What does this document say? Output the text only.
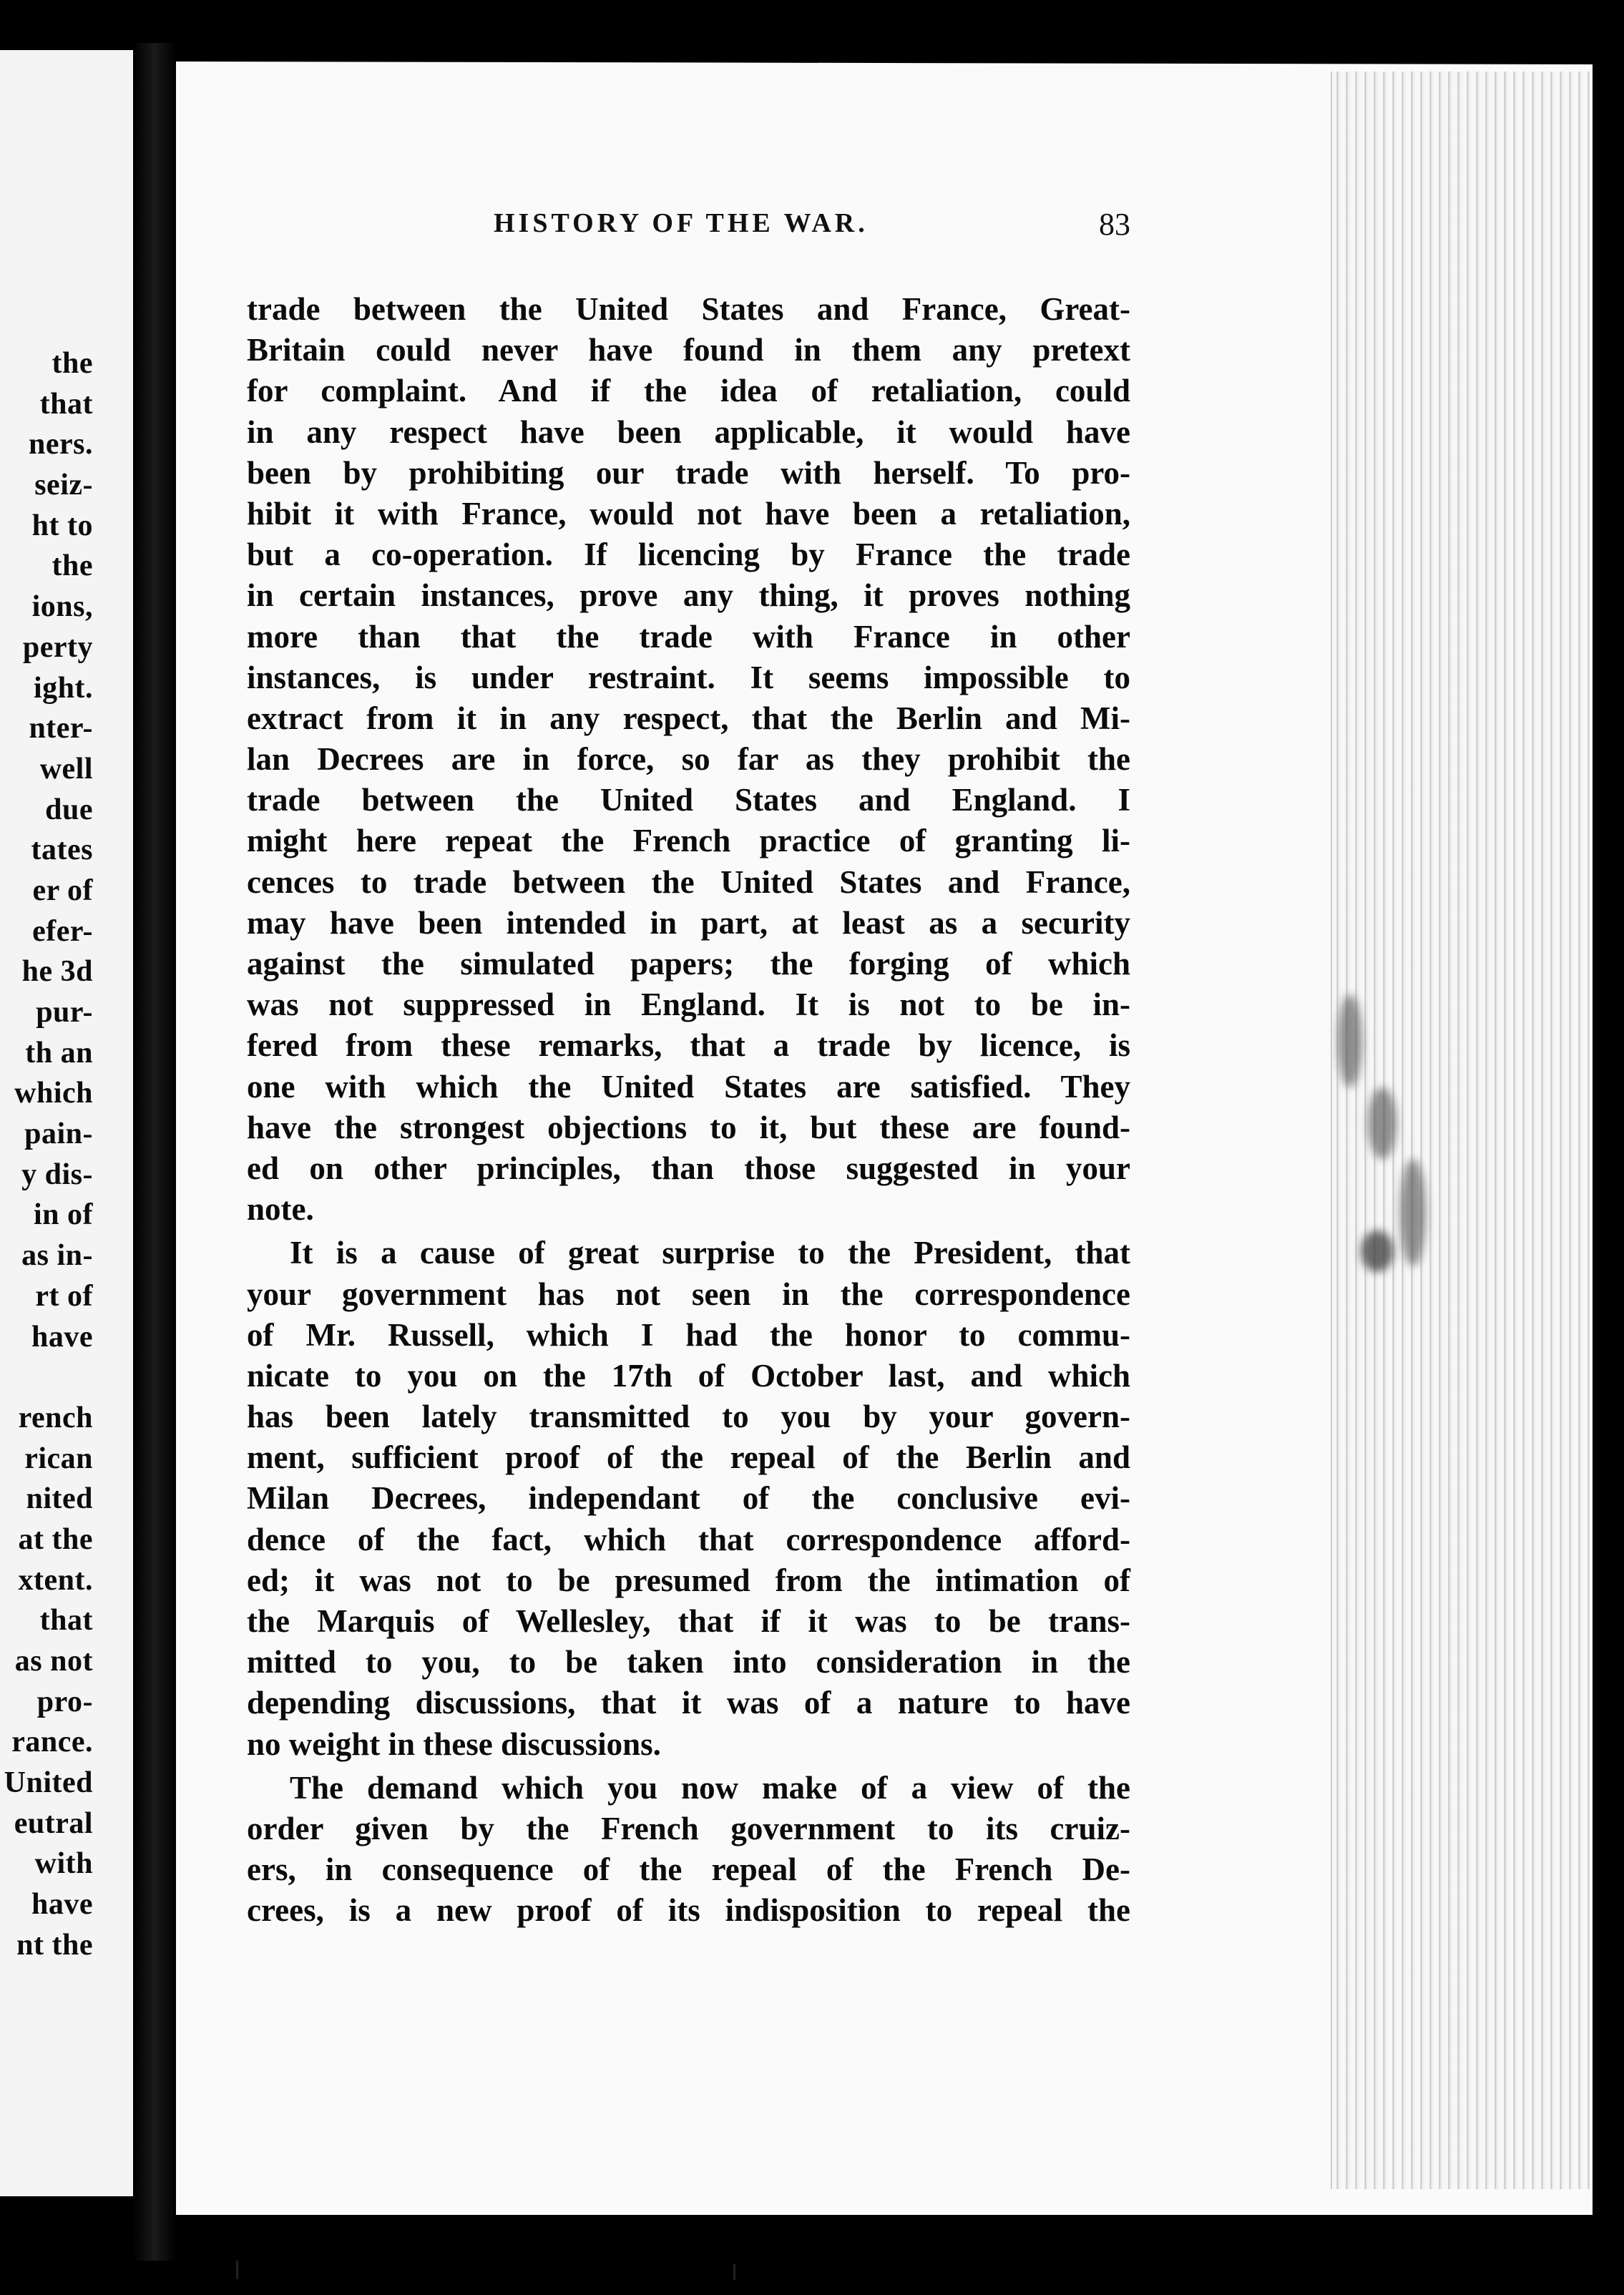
the
that
ners.
seiz-
ht to
the
ions,
perty
ight.
nter-
well
due
tates
er of
efer-
he 3d
pur-
th an
which
pain-
y dis-
in of
as in-
rt of
have
rench
rican
nited
at the
xtent.
that
as not
pro-
rance.
United
eutral
with
have
nt the
HISTORY OF THE WAR.	83
trade between the United States and France, Great-
Britain could never have found in them any pretext
for complaint. And if the idea of retaliation, could
in any respect have been applicable, it would have
been by prohibiting our trade with herself. To pro-
hibit it with France, would not have been a retaliation,
but a co-operation. If licencing by France the trade
in certain instances, prove any thing, it proves nothing
more than that the trade with France in other
instances, is under restraint. It seems impossible to
extract from it in any respect, that the Berlin and Mi-
lan Decrees are in force, so far as they prohibit the
trade between the United States and England. I
might here repeat the French practice of granting li-
cences to trade between the United States and France,
may have been intended in part, at least as a security
against the simulated papers; the forging of which
was not suppressed in England. It is not to be in-
fered from these remarks, that a trade by licence, is
one with which the United States are satisfied. They
have the strongest objections to it, but these are found-
ed on other principles, than those suggested in your
note.
It is a cause of great surprise to the President, that
your government has not seen in the correspondence
of Mr. Russell, which I had the honor to commu-
nicate to you on the 17th of October last, and which
has been lately transmitted to you by your govern-
ment, sufficient proof of the repeal of the Berlin and
Milan Decrees, independant of the conclusive evi-
dence of the fact, which that correspondence afford-
ed; it was not to be presumed from the intimation of
the Marquis of Wellesley, that if it was to be trans-
mitted to you, to be taken into consideration in the
depending discussions, that it was of a nature to have
no weight in these discussions.
The demand which you now make of a view of the
order given by the French government to its cruiz-
ers, in consequence of the repeal of the French De-
crees, is a new proof of its indisposition to repeal the
